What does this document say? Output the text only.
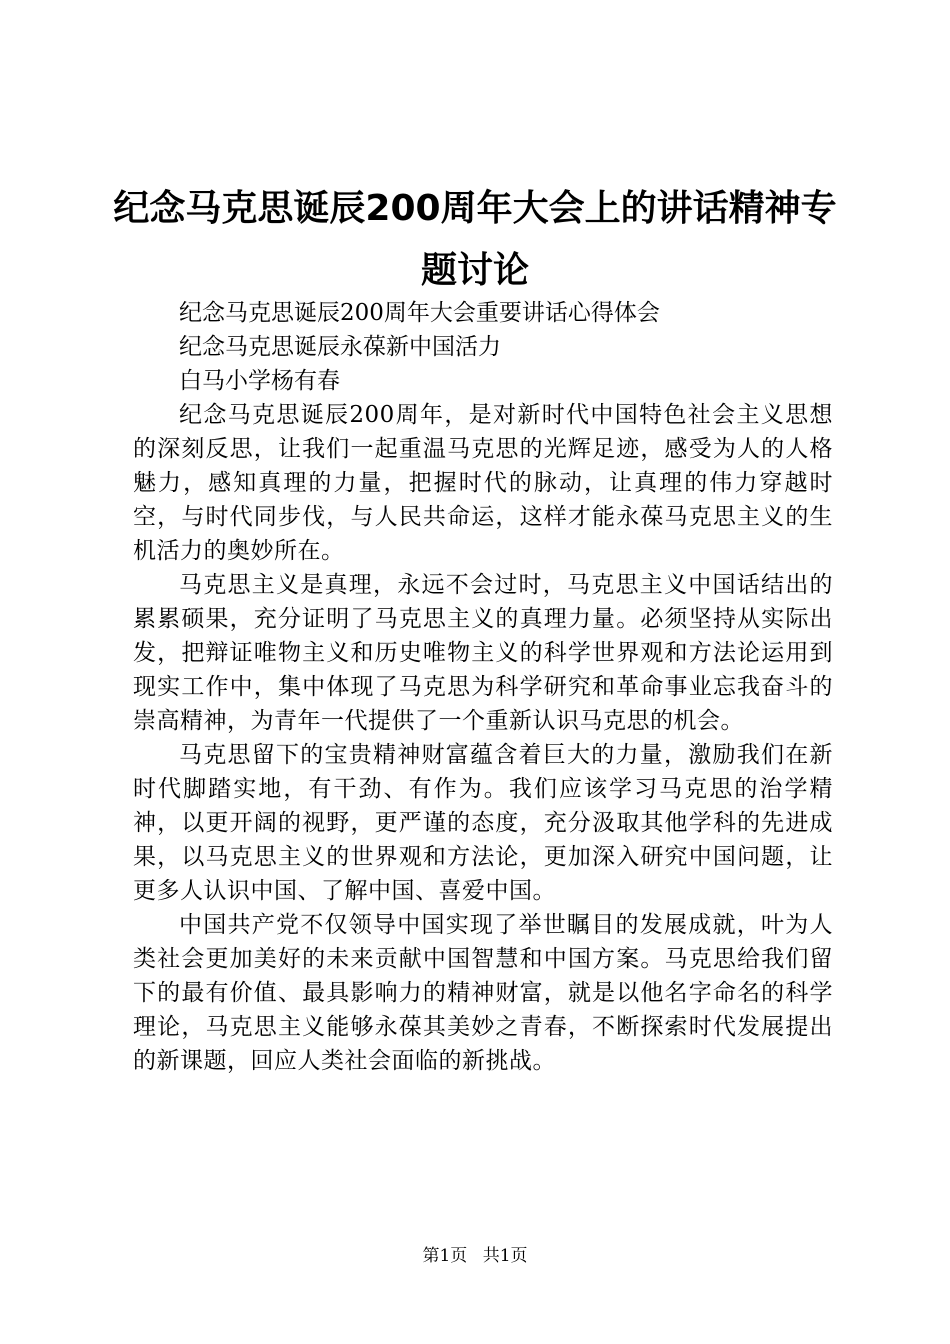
纪念马克思诞辰200周年大会上的讲话精神专题讨论

纪念马克思诞辰200周年大会重要讲话心得体会

纪念马克思诞辰永葆新中国活力

白马小学杨有春

纪念马克思诞辰200周年，是对新时代中国特色社会主义思想的深刻反思，让我们一起重温马克思的光辉足迹，感受为人的人格魅力，感知真理的力量，把握时代的脉动，让真理的伟力穿越时空，与时代同步伐，与人民共命运，这样才能永葆马克思主义的生机活力的奥妙所在。

马克思主义是真理，永远不会过时，马克思主义中国话结出的累累硕果，充分证明了马克思主义的真理力量。必须坚持从实际出发，把辩证唯物主义和历史唯物主义的科学世界观和方法论运用到现实工作中，集中体现了马克思为科学研究和革命事业忘我奋斗的崇高精神，为青年一代提供了一个重新认识马克思的机会。

马克思留下的宝贵精神财富蕴含着巨大的力量，激励我们在新时代脚踏实地，有干劲、有作为。我们应该学习马克思的治学精神，以更开阔的视野，更严谨的态度，充分汲取其他学科的先进成果，以马克思主义的世界观和方法论，更加深入研究中国问题，让更多人认识中国、了解中国、喜爱中国。

中国共产党不仅领导中国实现了举世瞩目的发展成就，叶为人类社会更加美好的未来贡献中国智慧和中国方案。马克思给我们留下的最有价值、最具影响力的精神财富，就是以他名字命名的科学理论，马克思主义能够永葆其美妙之青春，不断探索时代发展提出的新课题，回应人类社会面临的新挑战。

第1页 共1页
